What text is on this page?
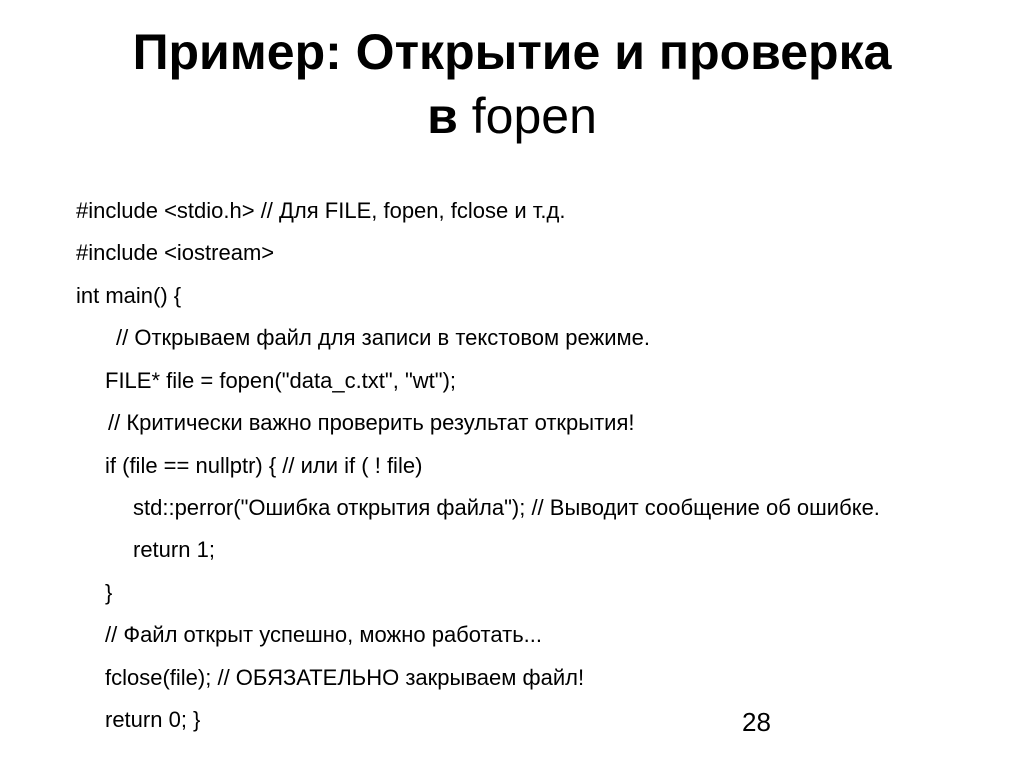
Пример: Открытие и проверка
в fopen
#include <stdio.h> // Для FILE, fopen, fclose и т.д.
#include <iostream>
int main() {
// Открываем файл для записи в текстовом режиме.
FILE* file = fopen("data_c.txt", "wt");
// Критически важно проверить результат открытия!
if (file == nullptr) { // или if ( ! file)
std::perror("Ошибка открытия файла"); // Выводит сообщение об ошибке.
return 1;
}
// Файл открыт успешно, можно работать...
fclose(file); // ОБЯЗАТЕЛЬНО закрываем файл!
return 0; }	28
